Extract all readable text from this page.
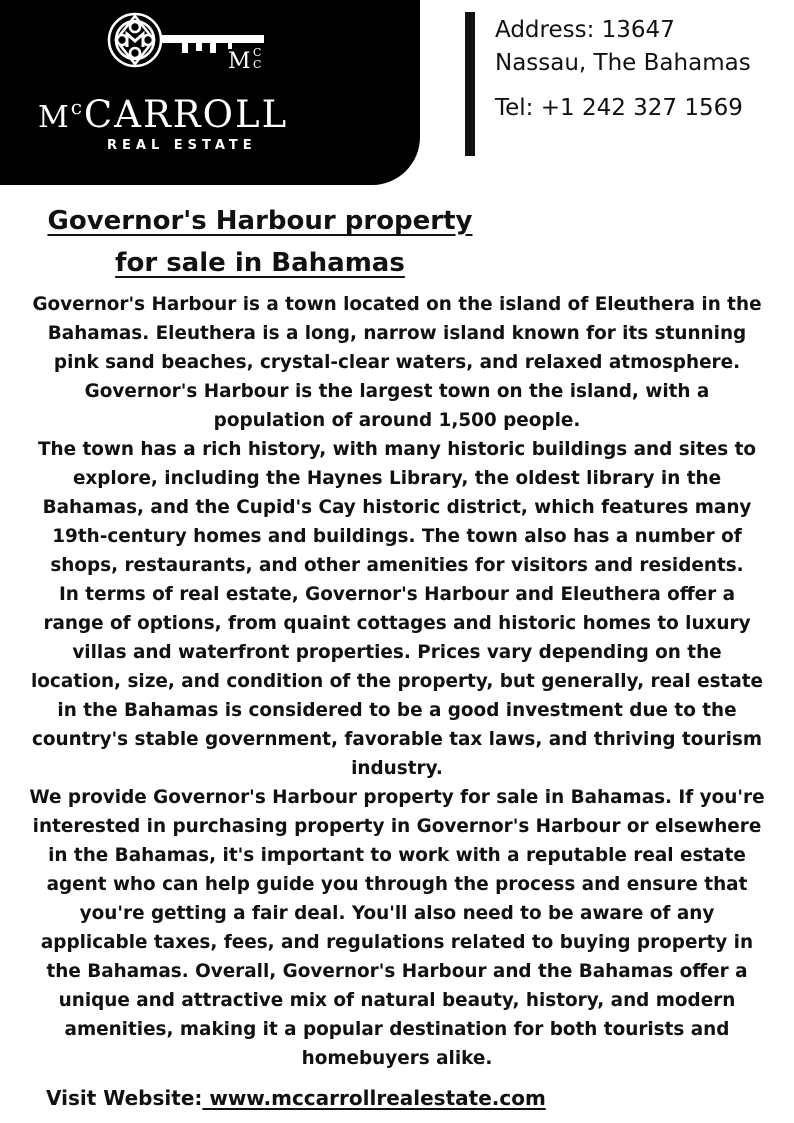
M C
C
$M^cCARROLL$
REAL ESTATE
Address: 13647
Nassau, The Bahamas
Tel: +1 242 327 1569
Governor's Harbour property
for sale in Bahamas

Governor's Harbour is a town located on the island of Eleuthera in the Bahamas. Eleuthera is a long, narrow island known for its stunning pink sand beaches, crystal-clear waters, and relaxed atmosphere. Governor's Harbour is the largest town on the island, with a population of around 1,500 people.

The town has a rich history, with many historic buildings and sites to explore, including the Haynes Library, the oldest library in the Bahamas, and the Cupid's Cay historic district, which features many 19th-century homes and buildings. The town also has a number of shops, restaurants, and other amenities for visitors and residents.

In terms of real estate, Governor's Harbour and Eleuthera offer a range of options, from quaint cottages and historic homes to luxury villas and waterfront properties. Prices vary depending on the location, size, and condition of the property, but generally, real estate in the Bahamas is considered to be a good investment due to the country's stable government, favorable tax laws, and thriving tourism industry.

We provide Governor's Harbour property for sale in Bahamas. If you're interested in purchasing property in Governor's Harbour or elsewhere in the Bahamas, it's important to work with a reputable real estate agent who can help guide you through the process and ensure that you're getting a fair deal. You'll also need to be aware of any applicable taxes, fees, and regulations related to buying property in the Bahamas. Overall, Governor's Harbour and the Bahamas offer a unique and attractive mix of natural beauty, history, and modern amenities, making it a popular destination for both tourists and homebuyers alike.

Visit Website: www.mccarrollrealestate.com
